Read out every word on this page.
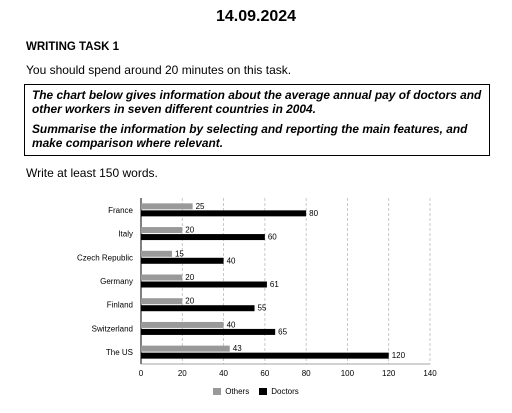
14.09.2024
WRITING TASK 1
You should spend around 20 minutes on this task.

The chart below gives information about the average annual pay of doctors and other workers in seven different countries in 2004.

Summarise the information by selecting and reporting the main features, and make comparison where relevant.

Write at least 150 words.
0	20	40	60	80	100	120	140
France	25
80
Italy	20
60
Czech Republic	15
40
Germany	20
61
Finland	20
55
Switzerland	40
65
The US	43
120
Others	Doctors
